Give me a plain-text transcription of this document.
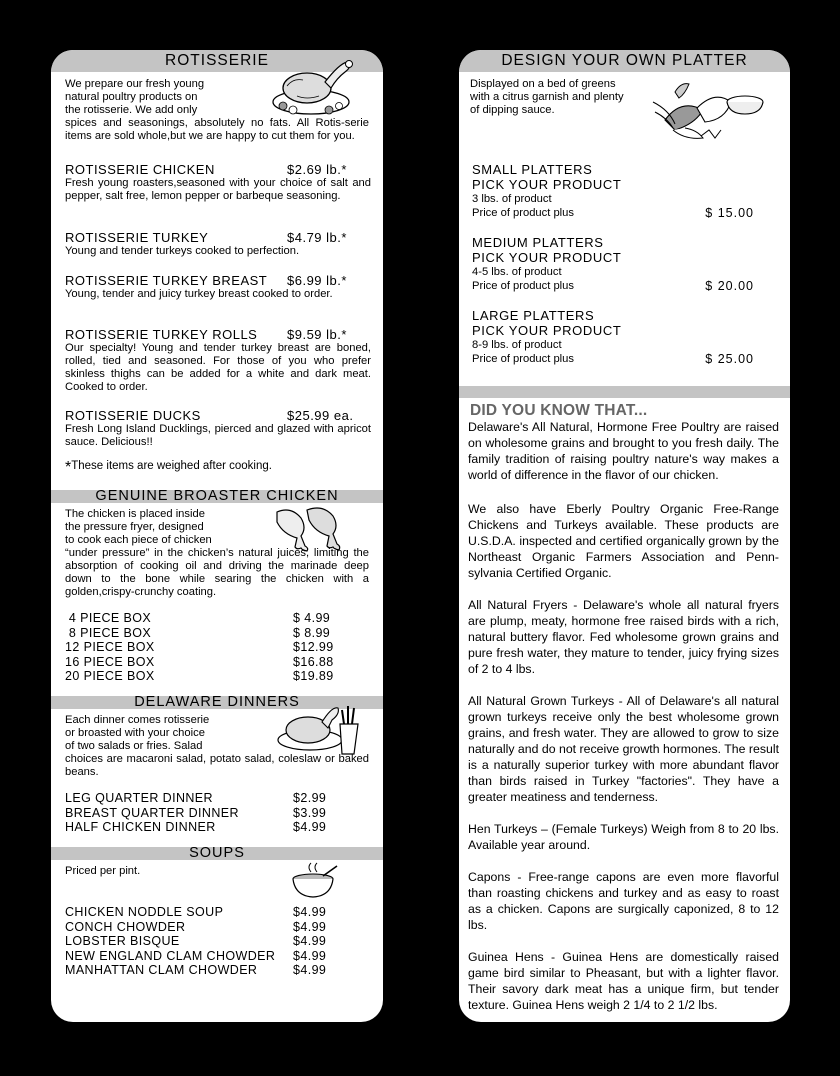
ROTISSERIE
We prepare our fresh young
natural poultry products on
the rotisserie. We add only
spices and seasonings, absolutely no fats. All Rotis-serie items are sold whole,but we are happy to cut them for you.
ROTISSERIE CHICKEN	$2.69 lb.*
Fresh young roasters,seasoned with your choice of salt and pepper, salt free, lemon pepper or barbeque seasoning.
ROTISSERIE TURKEY	$4.79 lb.*
Young and tender turkeys cooked to perfection.
ROTISSERIE TURKEY BREAST $6.99 lb.*
Young, tender and juicy turkey breast cooked to order.
ROTISSERIE TURKEY ROLLS $9.59 lb.*
Our specialty! Young and tender turkey breast are boned, rolled, tied and seasoned. For those of you who prefer skinless thighs can be added for a white and dark meat. Cooked to order.
ROTISSERIE DUCKS	$25.99 ea.
Fresh Long Island Ducklings, pierced and glazed with apricot sauce. Delicious!!
*These items are weighed after cooking.
GENUINE BROASTER CHICKEN
The chicken is placed inside
the pressure fryer, designed
to cook each piece of chicken
“under pressure” in the chicken’s natural juices, limiting the absorption of cooking oil and driving the marinade deep down to the bone while searing the chicken with a golden,crispy-crunchy coating.
4 PIECE BOX	$ 4.99
8 PIECE BOX	$ 8.99
12 PIECE BOX	$12.99
16 PIECE BOX	$16.88
20 PIECE BOX	$19.89
DELAWARE DINNERS
Each dinner comes rotisserie
or broasted with your choice
of two salads or fries. Salad
choices are macaroni salad, potato salad, coleslaw or baked beans.
LEG QUARTER DINNER	$2.99
BREAST QUARTER DINNER	$3.99
HALF CHICKEN DINNER	$4.99
SOUPS
Priced per pint.
CHICKEN NODDLE SOUP	$4.99
CONCH CHOWDER	$4.99
LOBSTER BISQUE	$4.99
NEW ENGLAND CLAM CHOWDER	$4.99
MANHATTAN CLAM CHOWDER	$4.99
DESIGN YOUR OWN PLATTER
Displayed on a bed of greens
with a citrus garnish and plenty
of dipping sauce.
SMALL PLATTERS
PICK YOUR PRODUCT
3 lbs. of product
Price of product plus	$ 15.00
MEDIUM PLATTERS
PICK YOUR PRODUCT
4-5 lbs. of product
Price of product plus	$ 20.00
LARGE PLATTERS
PICK YOUR PRODUCT
8-9 lbs. of product
Price of product plus	$ 25.00
DID YOU KNOW THAT...
Delaware's All Natural, Hormone Free Poultry are raised on wholesome grains and brought to you fresh daily. The family tradition of raising poultry nature's way makes a world of difference in the flavor of our chicken.
We also have Eberly Poultry Organic Free-Range Chickens and Turkeys available. These products are U.S.D.A. inspected and certified organically grown by the Northeast Organic Farmers Association and Penn-sylvania Certified Organic.
All Natural Fryers - Delaware's whole all natural fryers are plump, meaty, hormone free raised birds with a rich, natural buttery flavor. Fed wholesome grown grains and pure fresh water, they mature to tender, juicy frying sizes of 2 to 4 lbs.
All Natural Grown Turkeys - All of Delaware's all natural grown turkeys receive only the best wholesome grown grains, and fresh water. They are allowed to grow to size naturally and do not receive growth hormones. The result is a naturally superior turkey with more abundant flavor than birds raised in Turkey "factories". They have a greater meatiness and tenderness.
Hen Turkeys – (Female Turkeys) Weigh from 8 to 20 lbs. Available year around.
Capons - Free-range capons are even more flavorful than roasting chickens and turkey and as easy to roast as a chicken. Capons are surgically caponized, 8 to 12 lbs.
Guinea Hens - Guinea Hens are domestically raised game bird similar to Pheasant, but with a lighter flavor. Their savory dark meat has a unique firm, but tender texture. Guinea Hens weigh 2 1/4 to 2 1/2 lbs.
